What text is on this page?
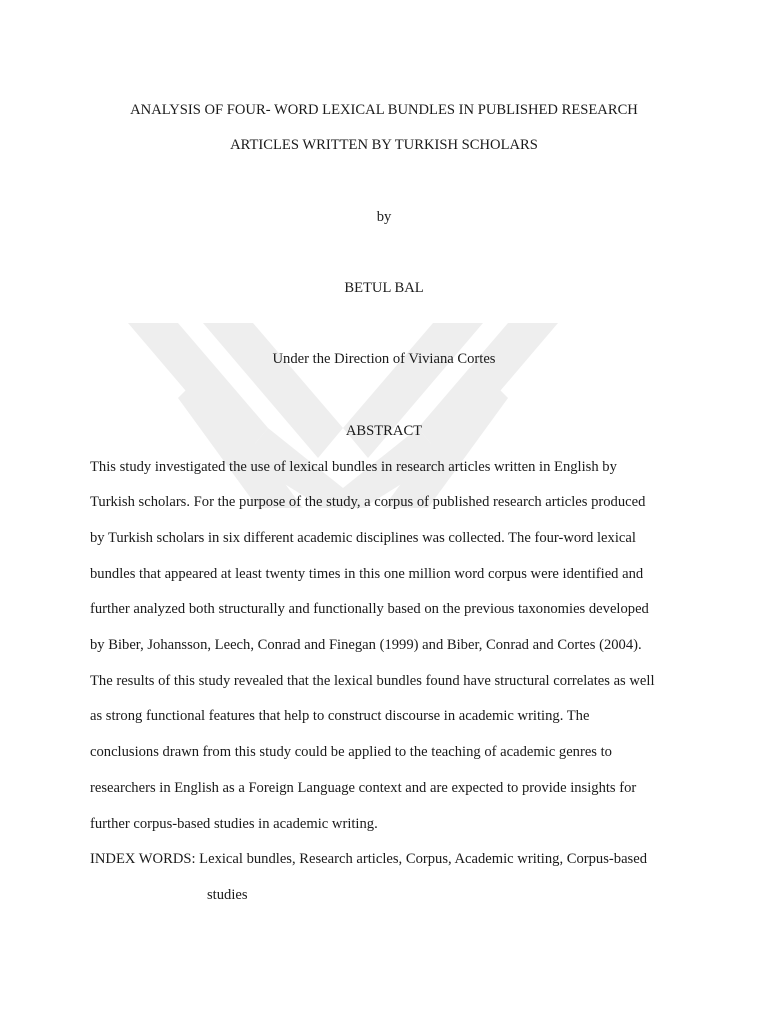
ANALYSIS OF FOUR- WORD LEXICAL BUNDLES IN PUBLISHED RESEARCH
ARTICLES WRITTEN BY TURKISH SCHOLARS
by
BETUL BAL
Under the Direction of Viviana Cortes
ABSTRACT
This study investigated the use of lexical bundles in research articles written in English by
Turkish scholars. For the purpose of the study, a corpus of published research articles produced
by Turkish scholars in six different academic disciplines was collected. The four-word lexical
bundles that appeared at least twenty times in this one million word corpus were identified and
further analyzed both structurally and functionally based on the previous taxonomies developed
by Biber, Johansson, Leech, Conrad and Finegan (1999) and Biber, Conrad and Cortes (2004).
The results of this study revealed that the lexical bundles found have structural correlates as well
as strong functional features that help to construct discourse in academic writing. The
conclusions drawn from this study could be applied to the teaching of academic genres to
researchers in English as a Foreign Language context and are expected to provide insights for
further corpus-based studies in academic writing.
INDEX WORDS: Lexical bundles, Research articles, Corpus, Academic writing, Corpus-based
studies
